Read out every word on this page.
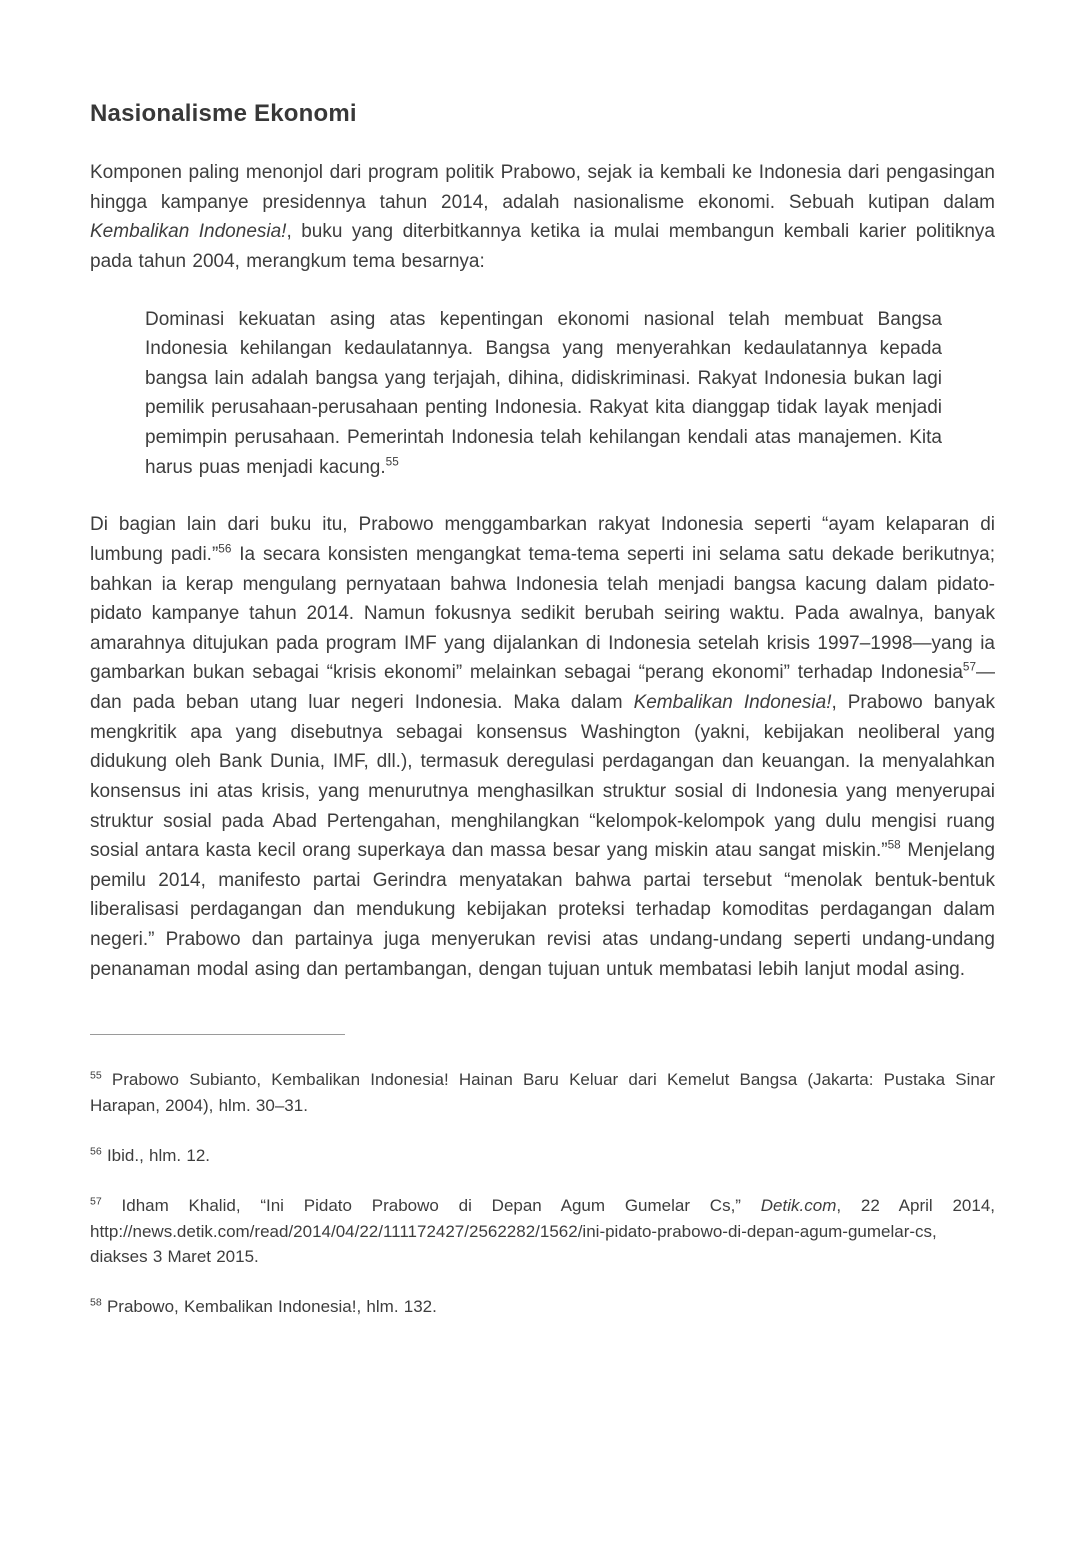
Nasionalisme Ekonomi

Komponen paling menonjol dari program politik Prabowo, sejak ia kembali ke Indonesia dari pengasingan hingga kampanye presidennya tahun 2014, adalah nasionalisme ekonomi. Sebuah kutipan dalam Kembalikan Indonesia!, buku yang diterbitkannya ketika ia mulai membangun kembali karier politiknya pada tahun 2004, merangkum tema besarnya:

Dominasi kekuatan asing atas kepentingan ekonomi nasional telah membuat Bangsa Indonesia kehilangan kedaulatannya. Bangsa yang menyerahkan kedaulatannya kepada bangsa lain adalah bangsa yang terjajah, dihina, didiskriminasi. Rakyat Indonesia bukan lagi pemilik perusahaan-perusahaan penting Indonesia. Rakyat kita dianggap tidak layak menjadi pemimpin perusahaan. Pemerintah Indonesia telah kehilangan kendali atas manajemen. Kita harus puas menjadi kacung.$^{55}$

Di bagian lain dari buku itu, Prabowo menggambarkan rakyat Indonesia seperti “ayam kelaparan di lumbung padi.”$^{56}$ Ia secara konsisten mengangkat tema-tema seperti ini selama satu dekade berikutnya; bahkan ia kerap mengulang pernyataan bahwa Indonesia telah menjadi bangsa kacung dalam pidato-pidato kampanye tahun 2014. Namun fokusnya sedikit berubah seiring waktu. Pada awalnya, banyak amarahnya ditujukan pada program IMF yang dijalankan di Indonesia setelah krisis 1997–1998—yang ia gambarkan bukan sebagai “krisis ekonomi” melainkan sebagai “perang ekonomi” terhadap Indonesia$^{57}$—dan pada beban utang luar negeri Indonesia. Maka dalam Kembalikan Indonesia!, Prabowo banyak mengkritik apa yang disebutnya sebagai konsensus Washington (yakni, kebijakan neoliberal yang didukung oleh Bank Dunia, IMF, dll.), termasuk deregulasi perdagangan dan keuangan. Ia menyalahkan konsensus ini atas krisis, yang menurutnya menghasilkan struktur sosial di Indonesia yang menyerupai struktur sosial pada Abad Pertengahan, menghilangkan “kelompok-kelompok yang dulu mengisi ruang sosial antara kasta kecil orang superkaya dan massa besar yang miskin atau sangat miskin.”$^{58}$ Menjelang pemilu 2014, manifesto partai Gerindra menyatakan bahwa partai tersebut “menolak bentuk-bentuk liberalisasi perdagangan dan mendukung kebijakan proteksi terhadap komoditas perdagangan dalam negeri.” Prabowo dan partainya juga menyerukan revisi atas undang-undang seperti undang-undang penanaman modal asing dan pertambangan, dengan tujuan untuk membatasi lebih lanjut modal asing.

$^{55}$ Prabowo Subianto, Kembalikan Indonesia! Hainan Baru Keluar dari Kemelut Bangsa (Jakarta: Pustaka Sinar Harapan, 2004), hlm. 30–31.

$^{56}$ Ibid., hlm. 12.

$^{57}$ Idham Khalid, “Ini Pidato Prabowo di Depan Agum Gumelar Cs,” Detik.com, 22 April 2014, http://news.detik.com/read/2014/04/22/111172427/2562282/1562/ini-pidato-prabowo-di-depan-agum-gumelar-cs, diakses 3 Maret 2015.

$^{58}$ Prabowo, Kembalikan Indonesia!, hlm. 132.
